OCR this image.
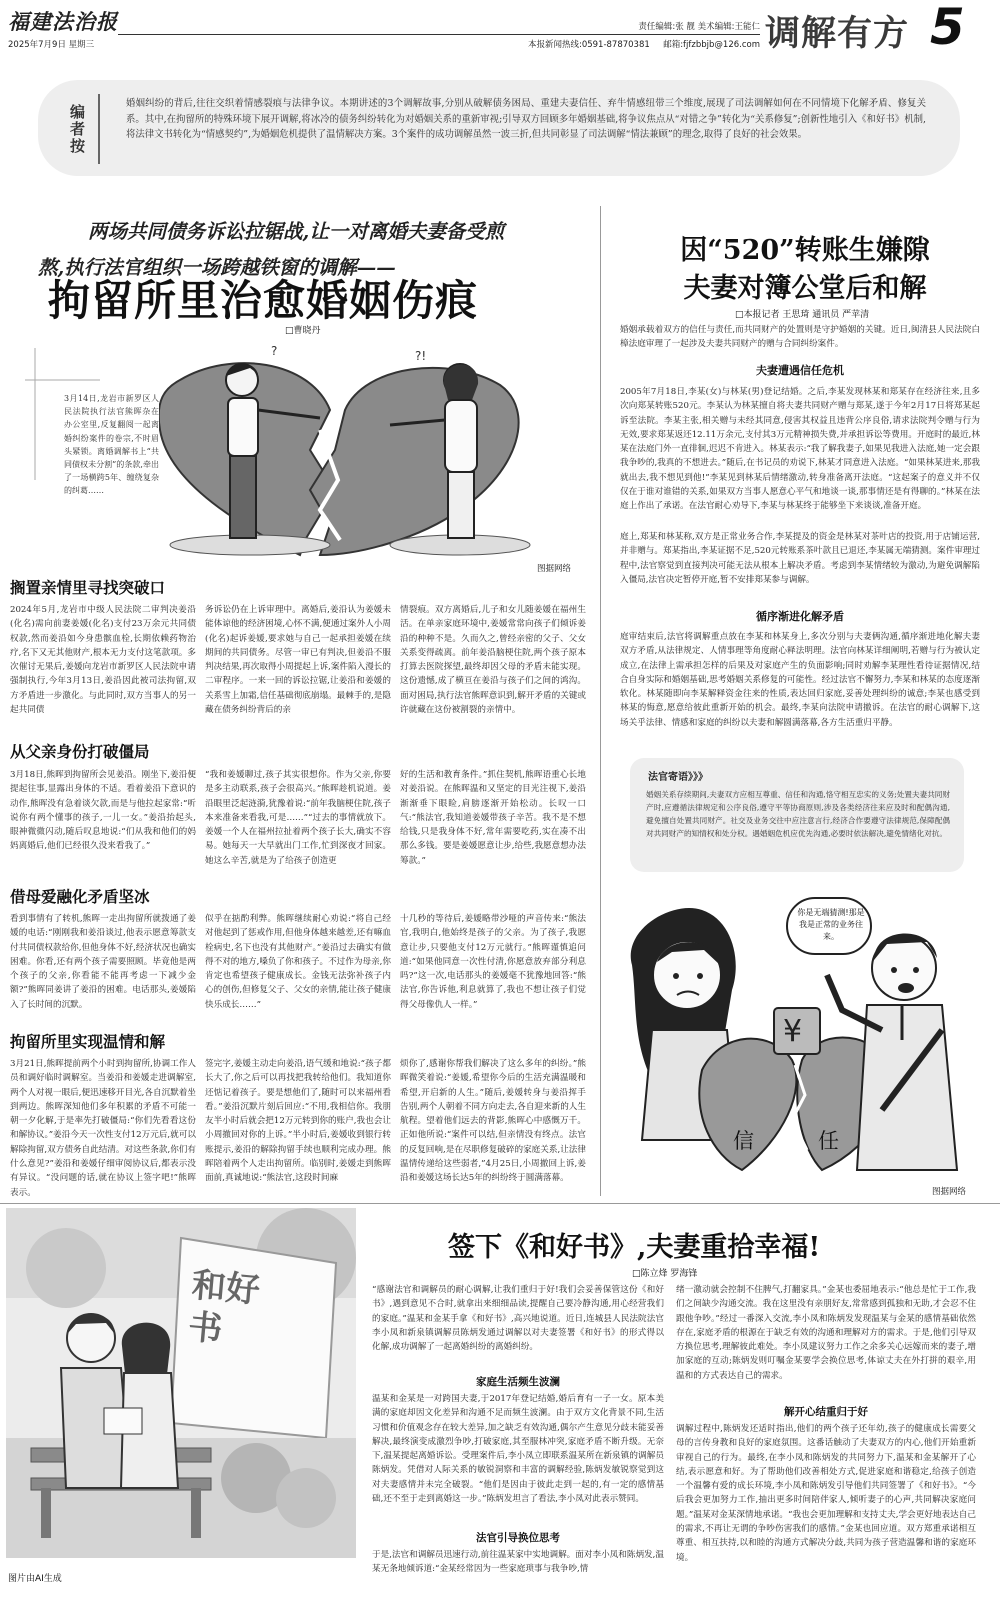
福建法治报
2025年7月9日 星期三
责任编辑:张 靓 美术编辑:王能仁
本报新闻热线:0591-87870381 邮箱:fjfzbbjb@126.com 调解有方 5
编者按
婚姻纠纷的背后,往往交织着情感裂痕与法律争议。本期讲述的3个调解故事,分别从破解债务困局、重建夫妻信任、弃牛情感纽带三个维度,展现了司法调解如何在不同情境下化解矛盾、修复关系。其中,在拘留所的特殊环境下展开调解,将冰冷的债务纠纷转化为对婚姻关系的重新审视;引导双方回顾多年婚姻基础,将争议焦点从“对错之争”转化为“关系修复”;创新性地引入《和好书》机制,将法律文书转化为“情感契约”,为婚姻危机提供了温情解决方案。3个案件的成功调解虽然一波三折,但共同彰显了司法调解“情法兼顾”的理念,取得了良好的社会效果。
两场共同债务诉讼拉锯战,让一对离婚夫妻备受煎
熬,执行法官组织一场跨越铁窗的调解——
拘留所里治愈婚姻伤痕
□曹晓丹
?	?!
3月14日,龙岩市新罗区人民法院执行法官熊晖杂在办公室里,反复翻阅一起离婚纠纷案件的卷宗,不时眉头紧锁。离婚调解书上“共同债权未分割”的条款,牵出了一场横跨5年、缠绕复杂的纠葛……
图据网络
搁置亲情里寻找突破口
2024年5月,龙岩市中级人民法院二审判决姜沿(化名)需向前妻姜媛(化名)支付23万余元共同债权款,然而姜沿如今身患髌血栓,长期依赖药物治疗,名下又无其他财产,根本无力支付这笔款项。多次催讨无果后,姜媛向龙岩市新罗区人民法院申请强制执行,今年3月13日,姜沿因此被司法拘留,双方矛盾进一步激化。与此同时,双方当事人的另一起共同债
务诉讼仍在上诉审理中。离婚后,姜沿认为姜媛未能体谅他的经济困境,心怀不满,便通过案外人小周(化名)起诉姜媛,要求她与自己一起承担姜媛在续期间的共同债务。尽管一审已有判决,但姜沿不服判决结果,再次取得小周提起上诉,案件陷入漫长的二审程序。一来一回的诉讼拉锯,让姜沿和姜媛的关系雪上加霜,信任基础彻底崩塌。最棘手的,是隐藏在债务纠纷背后的亲
情裂痕。双方离婚后,儿子和女儿随姜媛在福州生活。在单亲家庭环境中,姜媛常常向孩子们倾诉姜沿的种种不是。久而久之,曾经亲密的父子、父女关系变得疏离。前年姜沿脑梗住院,两个孩子原本打算去医院探望,最终却因父母的矛盾未能实现。这份遗憾,成了横亘在姜沿与孩子们之间的鸿沟。面对困局,执行法官熊晖意识到,解开矛盾的关键或许就藏在这份被割裂的亲情中。
从父亲身份打破僵局
3月18日,熊晖到拘留所会见姜沿。刚坐下,姜沿便提起往事,显露出身体的不适。看着姜沿下意识的动作,熊晖没有急着谈欠款,而是与他拉起家常:“听说你有两个懂事的孩子,一儿一女。”姜沿抬起头,眼神微微闪动,随后叹息地说:“们从我和他们的妈妈离婚后,他们已经很久没来看我了。”
“我和姜媛聊过,孩子其实很想你。作为父亲,你要是多主动联系,孩子会很高兴。”熊晖趁机说道。姜沿眼里泛起涟漪,犹豫着说:“前年我脑梗住院,孩子本来准备来看我,可是……”“过去的事情就放下。姜媛一个人在福州拉扯着两个孩子长大,确实不容易。她每天一大早就出门工作,忙到深夜才回家。她这么辛苦,就是为了给孩子创造更
好的生活和教育条件。”抓住契机,熊晖语重心长地对姜沿说。在熊晖温和又坚定的目光注视下,姜沿渐渐垂下眼睑,肩膀逐渐开始松动。长叹一口气:“熊法官,我知道姜媛带孩子辛苦。我不是不想给钱,只是我身体不好,常年需要吃药,实在凑不出那么多钱。要是姜媛愿意让步,给些,我愿意想办法筹款。”
借母爱融化矛盾坚冰
看到事情有了转机,熊晖一走出拘留所就拨通了姜媛的电话:“刚刚我和姜沿谈过,他表示愿意筹款支付共同债权款给你,但他身体不好,经济状况也确实困难。你看,还有两个孩子需要照顾。毕竟他是两个孩子的父亲,你看能不能再考虑一下减少金额?”熊晖同姜讲了姜沿的困难。电话那头,姜媛陷入了长时间的沉默。
似乎在掂酌利弊。熊晖继续耐心劝说:“将自己经对他起到了惩戒作用,但他身体越来越差,还有嘛血栓病史,名下也没有其他财产。”姜沿过去确实有做得不对的地方,嗓负了你和孩子。不过作为母亲,你肯定也希望孩子健康成长。金钱无法弥补孩子内心的创伤,但修复父子、父女的亲情,能让孩子健康快乐成长……”
十几秒的等待后,姜媛略带沙哑的声音传来:“熊法官,我明白,他始终是孩子的父亲。为了孩子,我愿意让步,只要他支付12万元就行。”熊晖谨慎追问道:“如果他同意一次性付清,你愿意放弃部分利息吗?”这一次,电话那头的姜媛毫不犹豫地回答:“熊法官,你告诉他,利息就算了,我也不想让孩子们觉得父母像仇人一样。”
拘留所里实现温情和解
3月21日,熊晖提前两个小时到拘留所,协调工作人员和调好临时调解室。当姜沿和姜媛走进调解室,两个人对视一眼后,便迅速移开目光,各自沉默着坐到两边。熊晖深知他们多年积累的矛盾不可能一朝一夕化解,于是率先打破僵局:“你们先看看这份和解协议。”姜沿今天一次性支付12万元后,就可以解除拘留,双方债务自此结清。对这些条款,你们有什么意见?”姜沿和姜媛仔细审阅协议后,都表示没有异议。“没问题的话,就在协议上签字吧!”熊晖表示。
签完字,姜媛主动走向姜沿,语气缓和地说:“孩子都长大了,你之后可以再找把我转给他们。我知道你还惦记着孩子。要是想他们了,随时可以来福州看看。”姜沿沉默片刻后回应:“不用,我相信你。我朋友半小时后就会把12万元转到你的账户,我也会让小周撤回对你的上诉。”半小时后,姜媛收到银行转账提示,姜沿的解除拘留手续也顺利完成办理。熊晖陪着两个人走出拘留所。临别时,姜媛走到熊晖面前,真诚地说:“熊法官,这段时间麻
烦你了,感谢你帮我们解决了这么多年的纠纷。”熊晖微笑着说:“姜媛,希望你今后的生活充满温暖和希望,开启新的人生。”随后,姜媛转身与姜沿挥手告别,两个人朝着不同方向走去,各自迎来新的人生航程。望着他们远去的背影,熊晖心中感慨万千。正如他所说:“案件可以结,但亲情没有终点。法官的反复回响,是在尽职修复破碎的家庭关系,让法律温情传递给这些弱者,”4月25日,小周撤回上诉,姜沿和姜媛这场长达5年的纠纷终于圆满落幕。
因“520”转账生嫌隙
夫妻对簿公堂后和解
□本报记者 王思琦 通讯员 严苹清
婚姻承载着双方的信任与责任,而共同财产的处置则是守护婚姻的关键。近日,闽清县人民法院白樟法庭审理了一起涉及夫妻共同财产的赠与合同纠纷案件。
夫妻遭遇信任危机
2005年7月18日,李某(女)与林某(男)登记结婚。之后,李某发现林某和郑某存在经济往来,且多次向郑某转账520元。李某认为林某擅自将夫妻共同财产赠与郑某,遂于今年2月17日将郑某起诉至法院。李某主张,相关赠与未经其同意,侵害其权益且违背公序良俗,请求法院判令赠与行为无效,要求郑某返还12.11万余元,支付其3万元精神损失费,并承担诉讼等费用。开庭时的最近,林某在法庭门外一直徘徊,迟迟不肯进入。林某表示:“我了解我妻子,如果见我进入法庭,她一定会跟我争吵的,我真的不想进去。”随后,在书记员的劝说下,林某才同意进入法庭。“如果林某进来,那我就出去,我不想见到他!”李某见到林某后情绪激动,转身准备离开法庭。“这起案子的意义并不仅仅在于谁对谁错的关系,如果双方当事人愿意心平气和地谈一谈,那事情还是有得聊的。”林某在法庭上作出了承诺。在法官耐心劝导下,李某与林某终于能够坐下来谈谈,准备开庭。
庭上,郑某和林某称,双方是正常业务合作,李某提及的资金是林某对茶叶店的投资,用于店铺运营,并非赠与。郑某指出,李某证据不足,520元转账系茶叶款且已退还,李某属无端猜测。案件审理过程中,法官察觉到直接判决可能无法从根本上解决矛盾。考虑到李某情绪较为激动,为避免调解陷入僵局,法官决定暂停开庭,暂不安排郑某参与调解。
循序渐进化解矛盾
庭审结束后,法官将调解重点放在李某和林某身上,多次分别与夫妻俩沟通,循序渐进地化解夫妻双方矛盾,从法律规定、人情事理等角度耐心释法明理。法官向林某详细阐明,若赠与行为被认定成立,在法律上需承担怎样的后果及对家庭产生的负面影响;同时劝解李某理性看待证据情况,结合自身实际和婚姻基础,思考婚姻关系修复的可能性。经过法官不懈努力,李某和林某的态度逐渐软化。林某随即向李某解释资金往来的性质,表达回归家庭,妥善处理纠纷的诚意;李某也感受到林某的悔意,愿意给彼此重新开始的机会。最终,李某向法院申请撤诉。在法官的耐心调解下,这场关乎法律、情感和家庭的纠纷以夫妻和解圆满落幕,各方生活重归平静。
法官寄语》》》
婚姻关系存续期间,夫妻双方应相互尊重、信任和沟通,恪守相互忠实的义务;处置夫妻共同财产时,应遵循法律规定和公序良俗,遵守平等协商原则,涉及各类经济往来应及时和配偶沟通,避免擅自处置共同财产。社交及业务交往中应注意言行,经济合作要遵守法律规范,保障配偶对共同财产的知情权和处分权。遇婚姻危机应优先沟通,必要时依法解决,避免情绪化对抗。
¥
你是无端猜测!那是我是正常的业务往来。
信	任
图据网络
和好书
图片由AI生成
签下《和好书》,夫妻重拾幸福!
□陈立烽 罗海锋
“感谢法官和调解员的耐心调解,让我们重归于好!我们会妥善保管这份《和好书》,遇到意见不合时,就拿出来细细品读,提醒自己要冷静沟通,用心经营我们的家庭。”温某和金某手拿《和好书》,高兴地说道。近日,连城县人民法院法官李小凤和新泉镇调解员陈炳发通过调解以对夫妻签署《和好书》的形式得以化解,成功调解了一起离婚纠纷的离婚纠纷。
家庭生活频生波澜
温某和金某是一对跨国夫妻,于2017年登记结婚,婚后育有一子一女。原本美满的家庭却因文化差异和沟通不足而频生波澜。由于双方文化背景不同,生活习惯和价值观念存在较大差异,加之缺乏有效沟通,偶尔产生意见分歧未能妥善解决,最终演变成激烈争吵,打破家庭,其至服林冲突,家庭矛盾不断升级。无奈下,温某提起离婚诉讼。受理案件后,李小凤立即联系温某所在新泉镇的调解员陈炳发。凭借对人际关系的敏锐洞察和丰富的调解经验,陈炳发敏锐察觉到这对夫妻感情并未完全破裂。“他们是因由于彼此走到一起的,有一定的感情基础,还不至于走到离婚这一步。”陈炳发坦言了看法,李小凤对此表示赞同。
法官引导换位思考
于是,法官和调解员迅速行动,前往温某家中实地调解。面对李小凤和陈炳发,温某无条地倾诉道:“金某经常因为一些家庭琐事与我争吵,情
绪一激动就会控制不住脾气,打翻家具。”金某也委屈地表示:“他总是忙于工作,我们之间缺少沟通交流。我在这里没有亲朋好友,常常感到孤独和无助,才会忍不住跟他争吵。”经过一番深入交流,李小凤和陈炳发发现温某与金某的感情基础依然存在,家庭矛盾的根源在于缺乏有效的沟通和理解对方的需求。于是,他们引导双方换位思考,理解彼此难处。李小凤建议努力工作之余多关心远嫁而来的妻子,增加家庭的互动;陈炳发则叮嘱金某要学会换位思考,体谅丈夫在外打拼的艰辛,用温和的方式表达自己的需求。
解开心结重归于好
调解过程中,陈炳发还适时指出,他们的两个孩子还年幼,孩子的健康成长需要父母的言传身教和良好的家庭氛围。这番话触动了夫妻双方的内心,他们开始重新审视自己的行为。最终,在李小凤和陈炳发的共同努力下,温某和金某解开了心结,表示愿意和好。为了帮助他们改善相处方式,促进家庭和谐稳定,给孩子创造一个温馨有爱的成长环境,李小凤和陈炳发引导他们共同签署了《和好书》。“今后我会更加努力工作,抽出更多时间陪伴家人,倾听妻子的心声,共同解决家庭问题。”温某对金某深情地承诺。“我也会更加理解和支持丈夫,学会更好地表达自己的需求,不再让无谓的争吵伤害我们的感情。”金某也回应道。双方郑重承诺相互尊重、相互扶持,以和睦的沟通方式解决分歧,共同为孩子营造温馨和谐的家庭环境。
